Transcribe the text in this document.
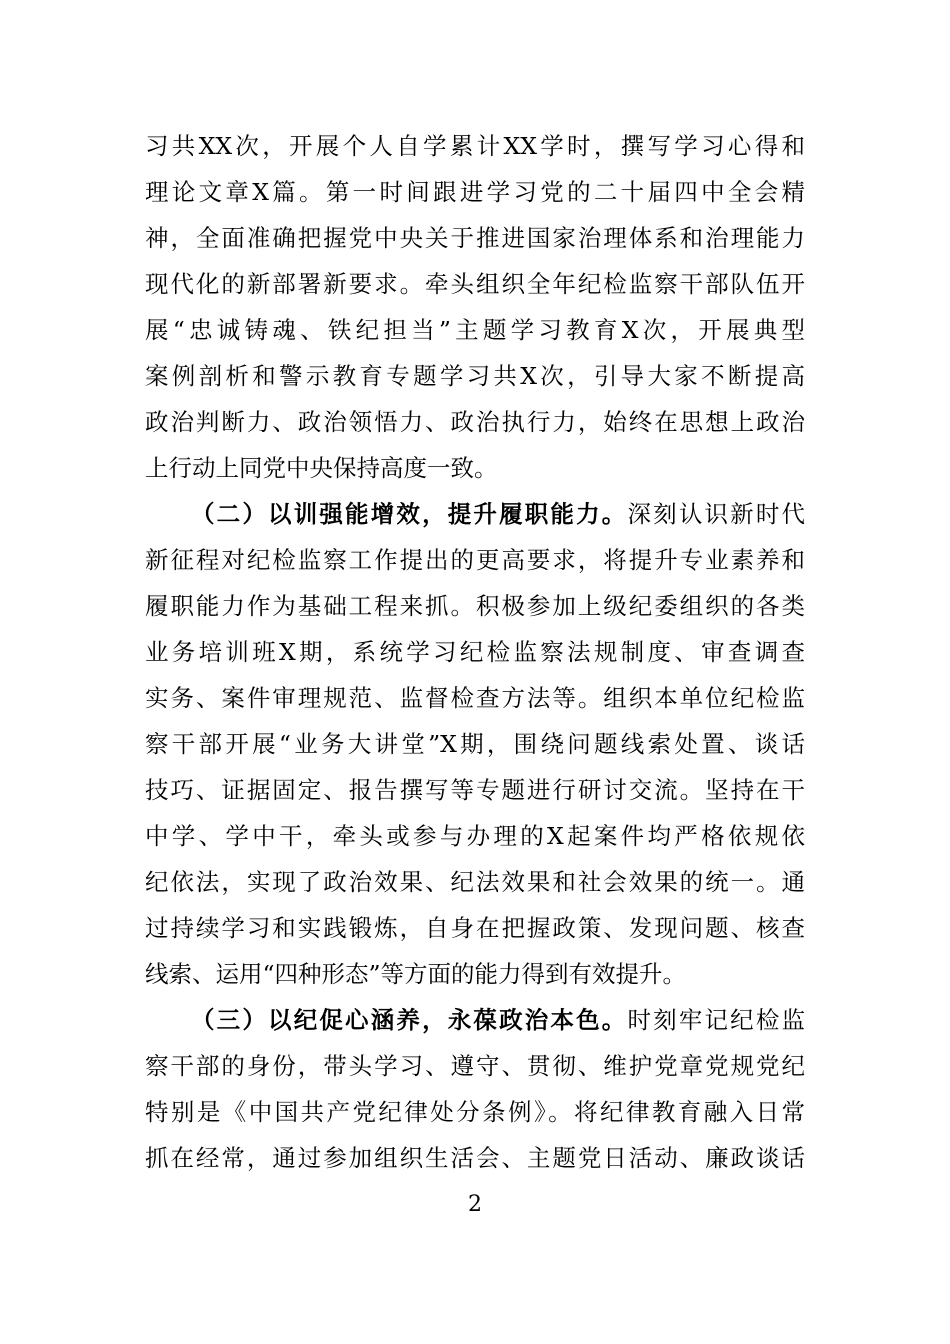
习共XX次，开展个人自学累计XX学时，撰写学习心得和
理论文章X篇。第一时间跟进学习党的二十届四中全会精
神，全面准确把握党中央关于推进国家治理体系和治理能力
现代化的新部署新要求。牵头组织全年纪检监察干部队伍开
展“忠诚铸魂、铁纪担当”主题学习教育X次，开展典型
案例剖析和警示教育专题学习共X次，引导大家不断提高
政治判断力、政治领悟力、政治执行力，始终在思想上政治
上行动上同党中央保持高度一致。
（二）以训强能增效，提升履职能力。深刻认识新时代
新征程对纪检监察工作提出的更高要求，将提升专业素养和
履职能力作为基础工程来抓。积极参加上级纪委组织的各类
业务培训班X期，系统学习纪检监察法规制度、审查调查
实务、案件审理规范、监督检查方法等。组织本单位纪检监
察干部开展“业务大讲堂”X期，围绕问题线索处置、谈话
技巧、证据固定、报告撰写等专题进行研讨交流。坚持在干
中学、学中干，牵头或参与办理的X起案件均严格依规依
纪依法，实现了政治效果、纪法效果和社会效果的统一。通
过持续学习和实践锻炼，自身在把握政策、发现问题、核查
线索、运用“四种形态”等方面的能力得到有效提升。
（三）以纪促心涵养，永葆政治本色。时刻牢记纪检监
察干部的身份，带头学习、遵守、贯彻、维护党章党规党纪
特别是《中国共产党纪律处分条例》。将纪律教育融入日常
抓在经常，通过参加组织生活会、主题党日活动、廉政谈话
2
